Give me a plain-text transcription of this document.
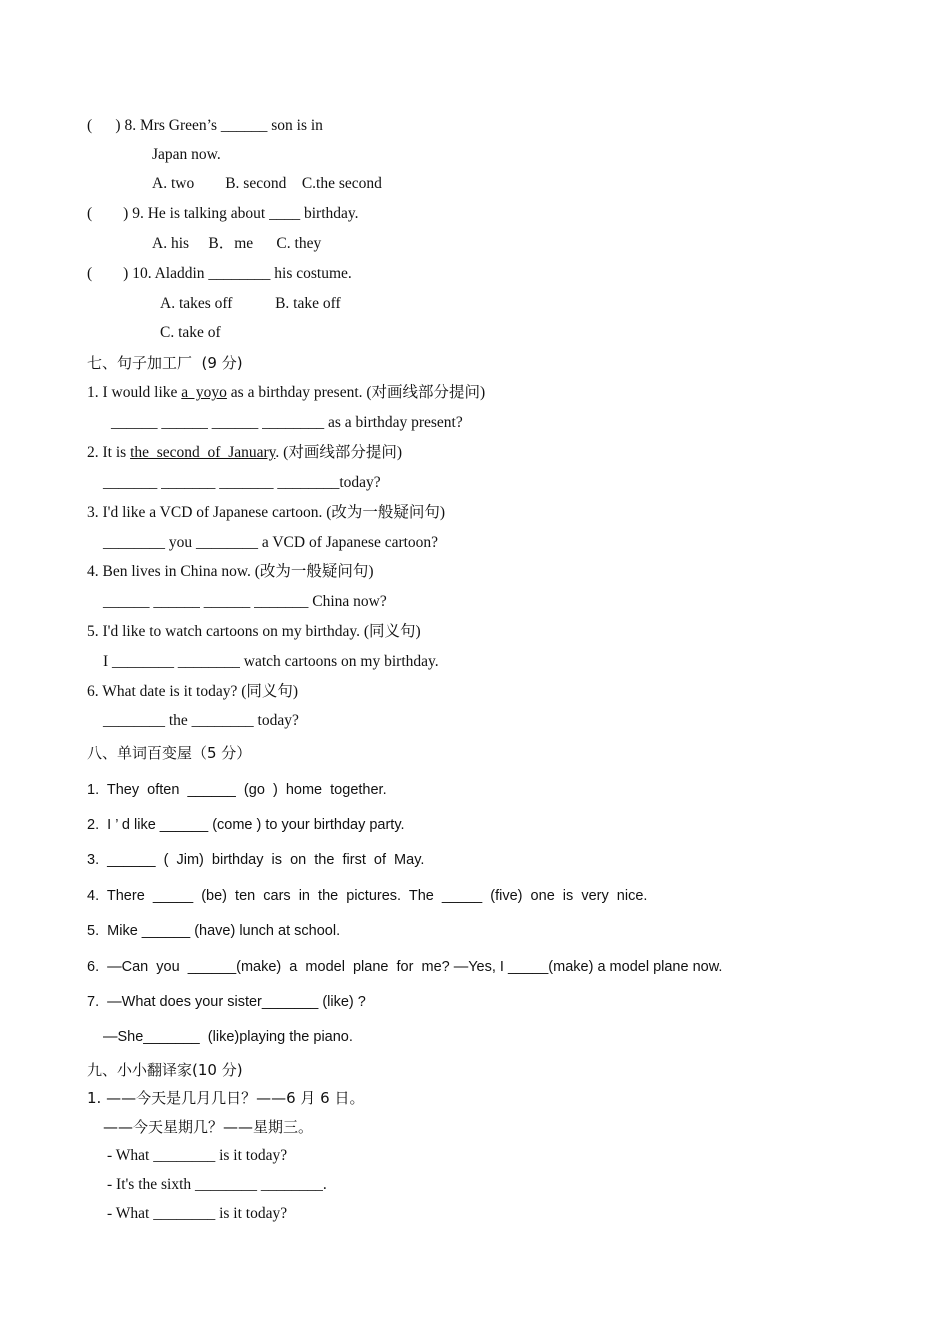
(      ) 8. Mrs Green’s ______ son is in
Japan now.
A. two        B. second    C.the second
(        ) 9. He is talking about ____ birthday.
A. his     B．me      C. they
(        ) 10. Aladdin ________ his costume.
A. takes off           B. take off
C. take of
七、句子加工厂  (9 分)
1. I would like a  yoyo as a birthday present. (对画线部分提问)
______ ______ ______ ________ as a birthday present?
2. It is the  second  of  January. (对画线部分提问)
_______ _______ _______ ________today?
3. I'd like a VCD of Japanese cartoon. (改为一般疑问句)
________ you ________ a VCD of Japanese cartoon?
4. Ben lives in China now. (改为一般疑问句)
______ ______ ______ _______ China now?
5. I'd like to watch cartoons on my birthday. (同义句)
I ________ ________ watch cartoons on my birthday.
6. What date is it today? (同义句)
________ the ________ today?
八、单词百变屋（5 分）
1.  They  often  ______  (go  )  home  together.
2.  I ’ d like ______ (come ) to your birthday party.
3.  ______  (  Jim)  birthday  is  on  the  first  of  May.
4.  There  _____  (be)  ten  cars  in  the  pictures.  The  _____  (five)  one  is  very  nice.
5.  Mike ______ (have) lunch at school.
6.  —Can  you  ______(make)  a  model  plane  for  me? —Yes, I _____(make) a model plane now.
7.  —What does your sister_______ (like) ?
—She_______  (like)playing the piano.
九、小小翻译家(10 分)
1. ——今天是几月几日？——6 月 6 日。
——今天星期几？——星期三。
- What ________ is it today?
- It's the sixth ________ ________.
- What ________ is it today?
